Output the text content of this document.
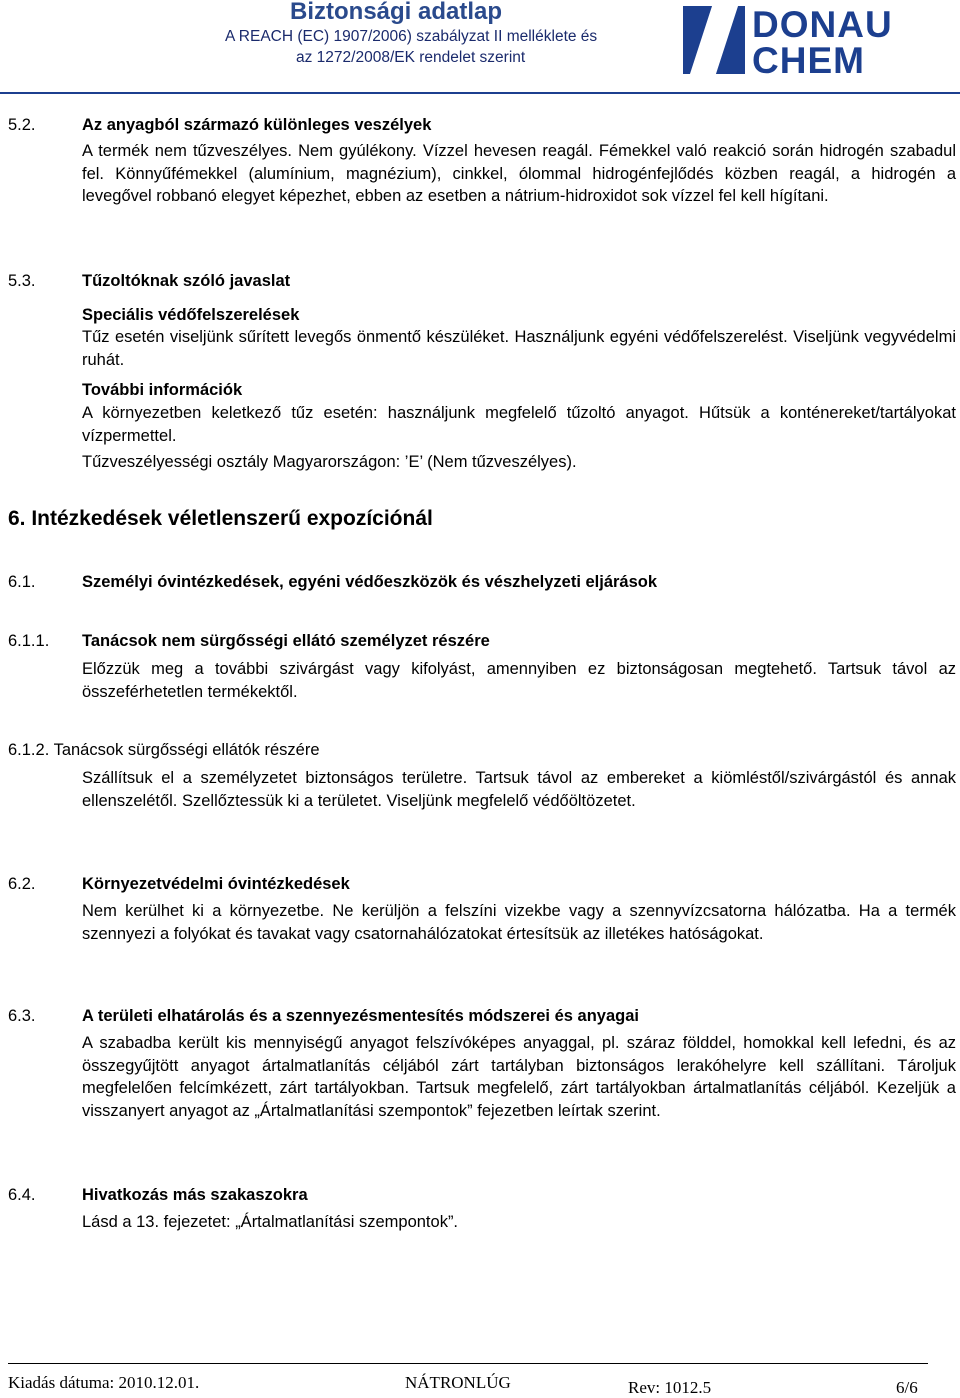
Biztonsági adatlap
A REACH (EC) 1907/2006) szabályzat II melléklete és
az 1272/2008/EK rendelet szerint
DONAU
CHEM
5.2.	Az anyagból származó különleges veszélyek
A termék nem tűzveszélyes. Nem gyúlékony. Vízzel hevesen reagál. Fémekkel való reakció során hidrogén szabadul fel. Könnyűfémekkel (alumínium, magnézium), cinkkel, ólommal hidrogénfejlődés közben reagál, a hidrogén a levegővel robbanó elegyet képezhet, ebben az esetben a nátrium-hidroxidot sok vízzel fel kell hígítani.
5.3.	Tűzoltóknak szóló javaslat
Speciális védőfelszerelések
Tűz esetén viseljünk sűrített levegős önmentő készüléket. Használjunk egyéni védőfelszerelést. Viseljünk vegyvédelmi ruhát.
További információk
A környezetben keletkező tűz esetén: használjunk megfelelő tűzoltó anyagot. Hűtsük a konténereket/tartályokat vízpermettel.
Tűzveszélyességi osztály Magyarországon: ’E’ (Nem tűzveszélyes).
6. Intézkedések véletlenszerű expozíciónál
6.1.	Személyi óvintézkedések, egyéni védőeszközök és vészhelyzeti eljárások
6.1.1. Tanácsok nem sürgősségi ellátó személyzet részére
Előzzük meg a további szivárgást vagy kifolyást, amennyiben ez biztonságosan megtehető. Tartsuk távol az összeférhetetlen termékektől.
6.1.2. Tanácsok sürgősségi ellátók részére
Szállítsuk el a személyzetet biztonságos területre. Tartsuk távol az embereket a kiömléstől/szivárgástól és annak ellenszelétől. Szellőztessük ki a területet. Viseljünk megfelelő védőöltözetet.
6.2.	Környezetvédelmi óvintézkedések
Nem kerülhet ki a környezetbe. Ne kerüljön a felszíni vizekbe vagy a szennyvízcsatorna hálózatba. Ha a termék szennyezi a folyókat és tavakat vagy csatornahálózatokat értesítsük az illetékes hatóságokat.
6.3.	A területi elhatárolás és a szennyezésmentesítés módszerei és anyagai
A szabadba került kis mennyiségű anyagot felszívóképes anyaggal, pl. száraz földdel, homokkal kell lefedni, és az összegyűjtött anyagot ártalmatlanítás céljából zárt tartályban biztonságos lerakóhelyre kell szállítani. Tároljuk megfelelően felcímkézett, zárt tartályokban. Tartsuk megfelelő, zárt tartályokban ártalmatlanítás céljából. Kezeljük a visszanyert anyagot az „Ártalmatlanítási szempontok” fejezetben leírtak szerint.
6.4.	Hivatkozás más szakaszokra
Lásd a 13. fejezetet: „Ártalmatlanítási szempontok”.
Kiadás dátuma: 2010.12.01.	NÁTRONLÚG	Rev: 1012.5	6/6
